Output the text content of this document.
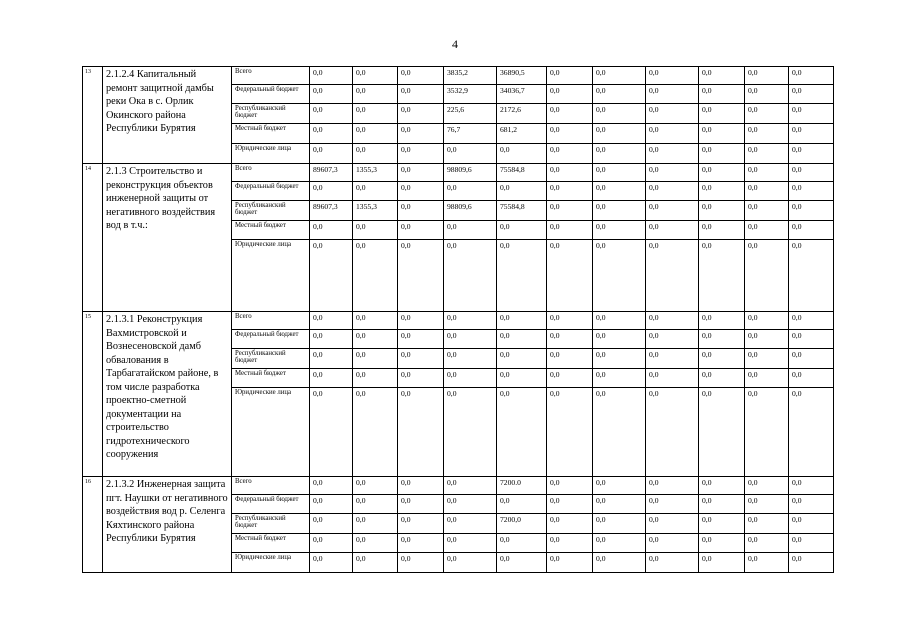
4
13	2.1.2.4 Капитальный ремонт защитной дамбы реки Ока в с. Орлик Окинского района Республики Бурятия	Всего	0,0	0,0	0,0	3835,2	36890,5	0,0	0,0	0,0	0,0	0,0	0,0
		Федеральный бюджет	0,0	0,0	0,0	3532,9	34036,7	0,0	0,0	0,0	0,0	0,0	0,0
		Республиканский бюджет	0,0	0,0	0,0	225,6	2172,6	0,0	0,0	0,0	0,0	0,0	0,0
		Местный бюджет	0,0	0,0	0,0	76,7	681,2	0,0	0,0	0,0	0,0	0,0	0,0
		Юридические лица	0,0	0,0	0,0	0,0	0,0	0,0	0,0	0,0	0,0	0,0	0,0
14	2.1.3 Строительство и реконструкция объектов инженерной защиты от негативного воздействия вод в т.ч.:	Всего	89607,3	1355,3	0,0	98809,6	75584,8	0,0	0,0	0,0	0,0	0,0	0,0
		Федеральный бюджет	0,0	0,0	0,0	0,0	0,0	0,0	0,0	0,0	0,0	0,0	0,0
		Республиканский бюджет	89607,3	1355,3	0,0	98809,6	75584,8	0,0	0,0	0,0	0,0	0,0	0,0
		Местный бюджет	0,0	0,0	0,0	0,0	0,0	0,0	0,0	0,0	0,0	0,0	0,0
		Юридические лица	0,0	0,0	0,0	0,0	0,0	0,0	0,0	0,0	0,0	0,0	0,0
15	2.1.3.1 Реконструкция Вахмистровской и Вознесеновской дамб обвалования в Тарбагатайском районе, в том числе разработка проектно-сметной документации на строительство гидротехнического сооружения	Всего	0,0	0,0	0,0	0,0	0,0	0,0	0,0	0,0	0,0	0,0	0,0
		Федеральный бюджет	0,0	0,0	0,0	0,0	0,0	0,0	0,0	0,0	0,0	0,0	0,0
		Республиканский бюджет	0,0	0,0	0,0	0,0	0,0	0,0	0,0	0,0	0,0	0,0	0,0
		Местный бюджет	0,0	0,0	0,0	0,0	0,0	0,0	0,0	0,0	0,0	0,0	0,0
		Юридические лица	0,0	0,0	0,0	0,0	0,0	0,0	0,0	0,0	0,0	0,0	0,0
16	2.1.3.2 Инженерная защита пгт. Наушки от негативного воздействия вод р. Селенга Кяхтинского района Республики Бурятия	Всего	0,0	0,0	0,0	0,0	7200.0	0,0	0,0	0,0	0,0	0,0	0,0
		Федеральный бюджет	0,0	0,0	0,0	0,0	0,0	0,0	0,0	0,0	0,0	0,0	0,0
		Республиканский бюджет	0,0	0,0	0,0	0,0	7200,0	0,0	0,0	0,0	0,0	0,0	0,0
		Местный бюджет	0,0	0,0	0,0	0,0	0,0	0,0	0,0	0,0	0,0	0,0	0,0
		Юридические лица	0,0	0,0	0,0	0,0	0,0	0,0	0,0	0,0	0,0	0,0	0,0
